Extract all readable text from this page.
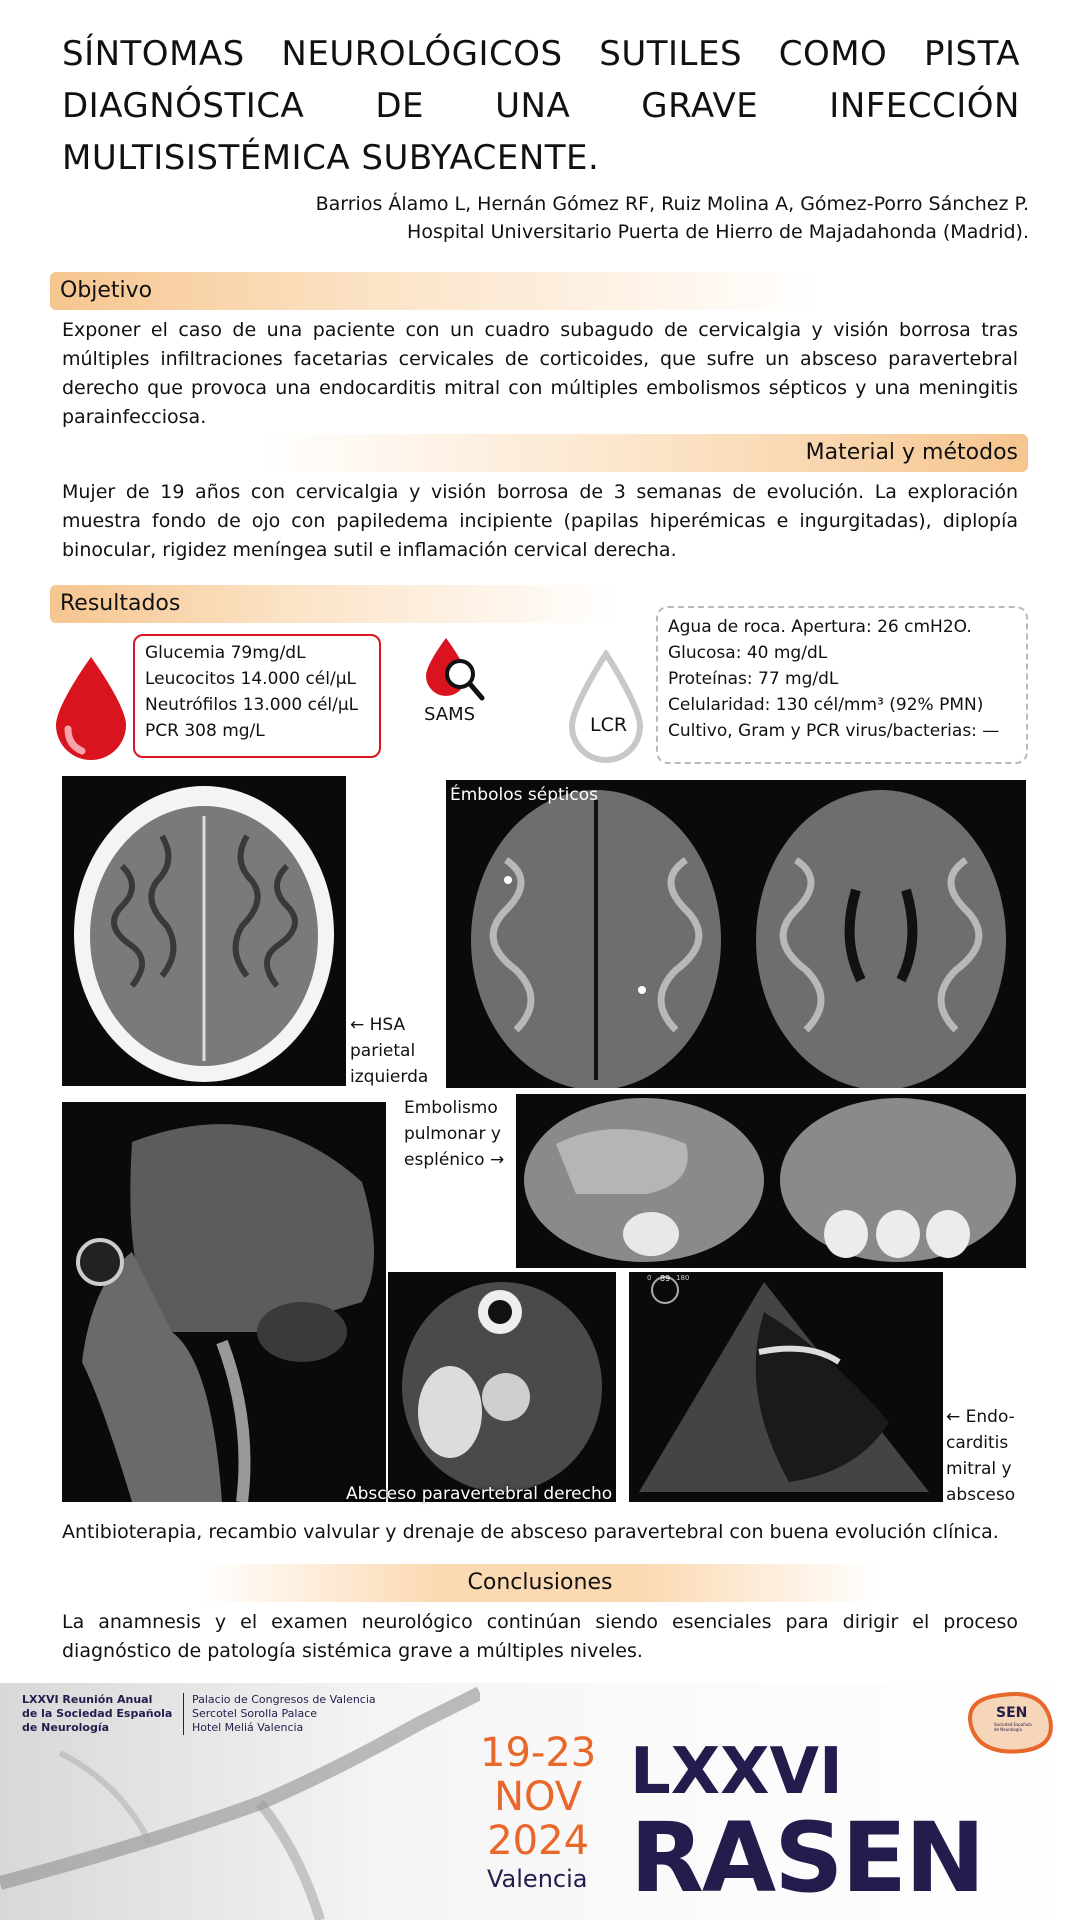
SÍNTOMAS NEUROLÓGICOS SUTILES COMO PISTA
DIAGNÓSTICA DE UNA GRAVE INFECCIÓN
MULTISISTÉMICA SUBYACENTE.
Barrios Álamo L, Hernán Gómez RF, Ruiz Molina A, Gómez-Porro Sánchez P.
Hospital Universitario Puerta de Hierro de Majadahonda (Madrid).
Objetivo
Exponer el caso de una paciente con un cuadro subagudo de cervicalgia y visión borrosa tras múltiples infiltraciones facetarias cervicales de corticoides, que sufre un absceso paravertebral derecho que provoca una endocarditis mitral con múltiples embolismos sépticos y una meningitis parainfecciosa.
Material y métodos
Mujer de 19 años con cervicalgia y visión borrosa de 3 semanas de evolución. La exploración muestra fondo de ojo con papiledema incipiente (papilas hiperémicas e ingurgitadas), diplopía binocular, rigidez meníngea sutil e inflamación cervical derecha.
Resultados
Glucemia 79mg/dL
Leucocitos 14.000 cél/µL
Neutrófilos 13.000 cél/µL
PCR 308 mg/L
SAMS	LCR
Agua de roca. Apertura: 26 cmH2O.
Glucosa: 40 mg/dL
Proteínas: 77 mg/dL
Celularidad: 130 cél/mm³ (92% PMN)
Cultivo, Gram y PCR virus/bacterias: —
← HSA parietal izquierda
Émbolos sépticos
Embolismo pulmonar y esplénico →
Absceso paravertebral derecho
0 89 180
← Endo-carditis mitral y absceso
Antibioterapia, recambio valvular y drenaje de absceso paravertebral con buena evolución clínica.
Conclusiones
La anamnesis y el examen neurológico continúan siendo esenciales para dirigir el proceso diagnóstico de patología sistémica grave a múltiples niveles.
LXXVI Reunión Anual
de la Sociedad Española
de Neurología
Palacio de Congresos de Valencia
Sercotel Sorolla Palace
Hotel Meliá Valencia
19-23
NOV
2024
Valencia
LXXVI
RASEN
SEN
Sociedad Española
de Neurología
